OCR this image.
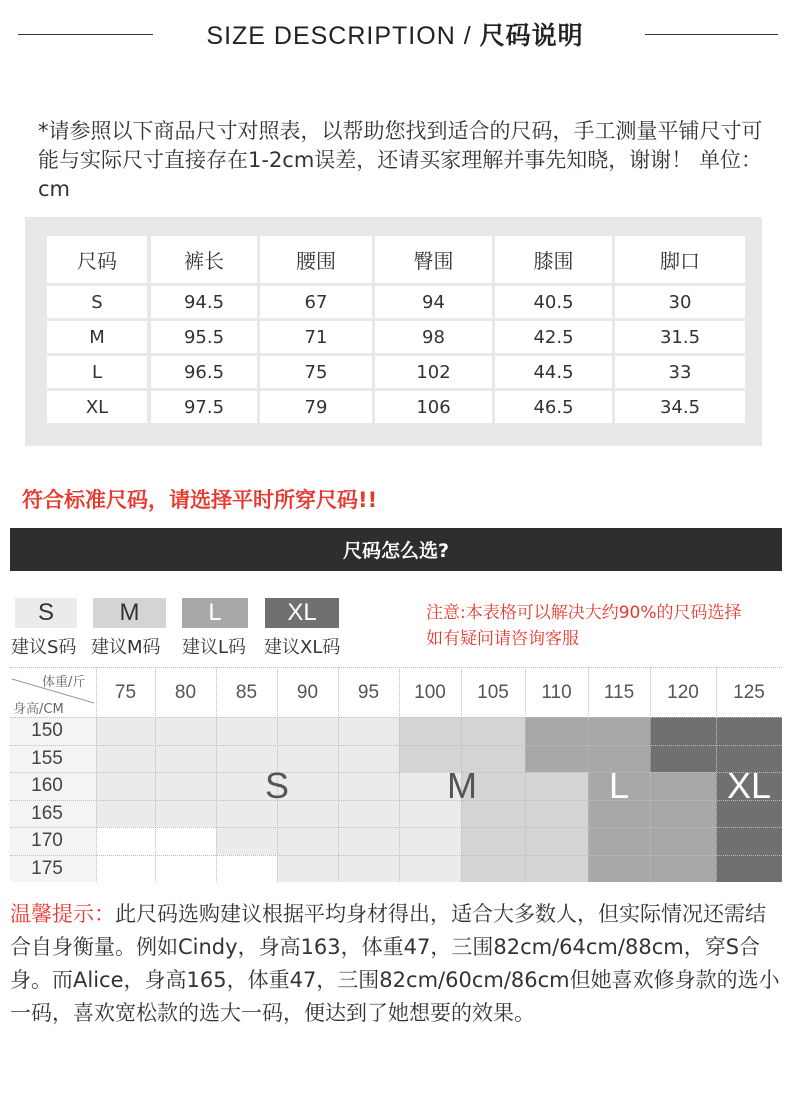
SIZE DESCRIPTION / 尺码说明
*请参照以下商品尺寸对照表，以帮助您找到适合的尺码，手工测量平铺尺寸可能与实际尺寸直接存在1-2cm误差，还请买家理解并事先知晓，谢谢！ 单位：cm
尺码	裤长	腰围	臀围	膝围	脚口
S	94.5	67	94	40.5	30
M	95.5	71	98	42.5	31.5
L	96.5	75	102	44.5	33
XL	97.5	79	106	46.5	34.5
符合标准尺码，请选择平时所穿尺码!!
尺码怎么选?
S
建议S码
M
建议M码
L
建议L码
XL
建议XL码
注意:本表格可以解决大约90%的尺码选择
如有疑问请咨询客服
体重/斤
身高/CM
75	80	85	90	95	100	105	110	115	120	125
150
155
160
165
170
175
S	M	L	XL
温馨提示：此尺码选购建议根据平均身材得出，适合大多数人，但实际情况还需结合自身衡量。例如Cindy，身高163，体重47，三围82cm/64cm/88cm，穿S合身。而Alice，身高165，体重47，三围82cm/60cm/86cm但她喜欢修身款的选小一码，喜欢宽松款的选大一码，便达到了她想要的效果。
